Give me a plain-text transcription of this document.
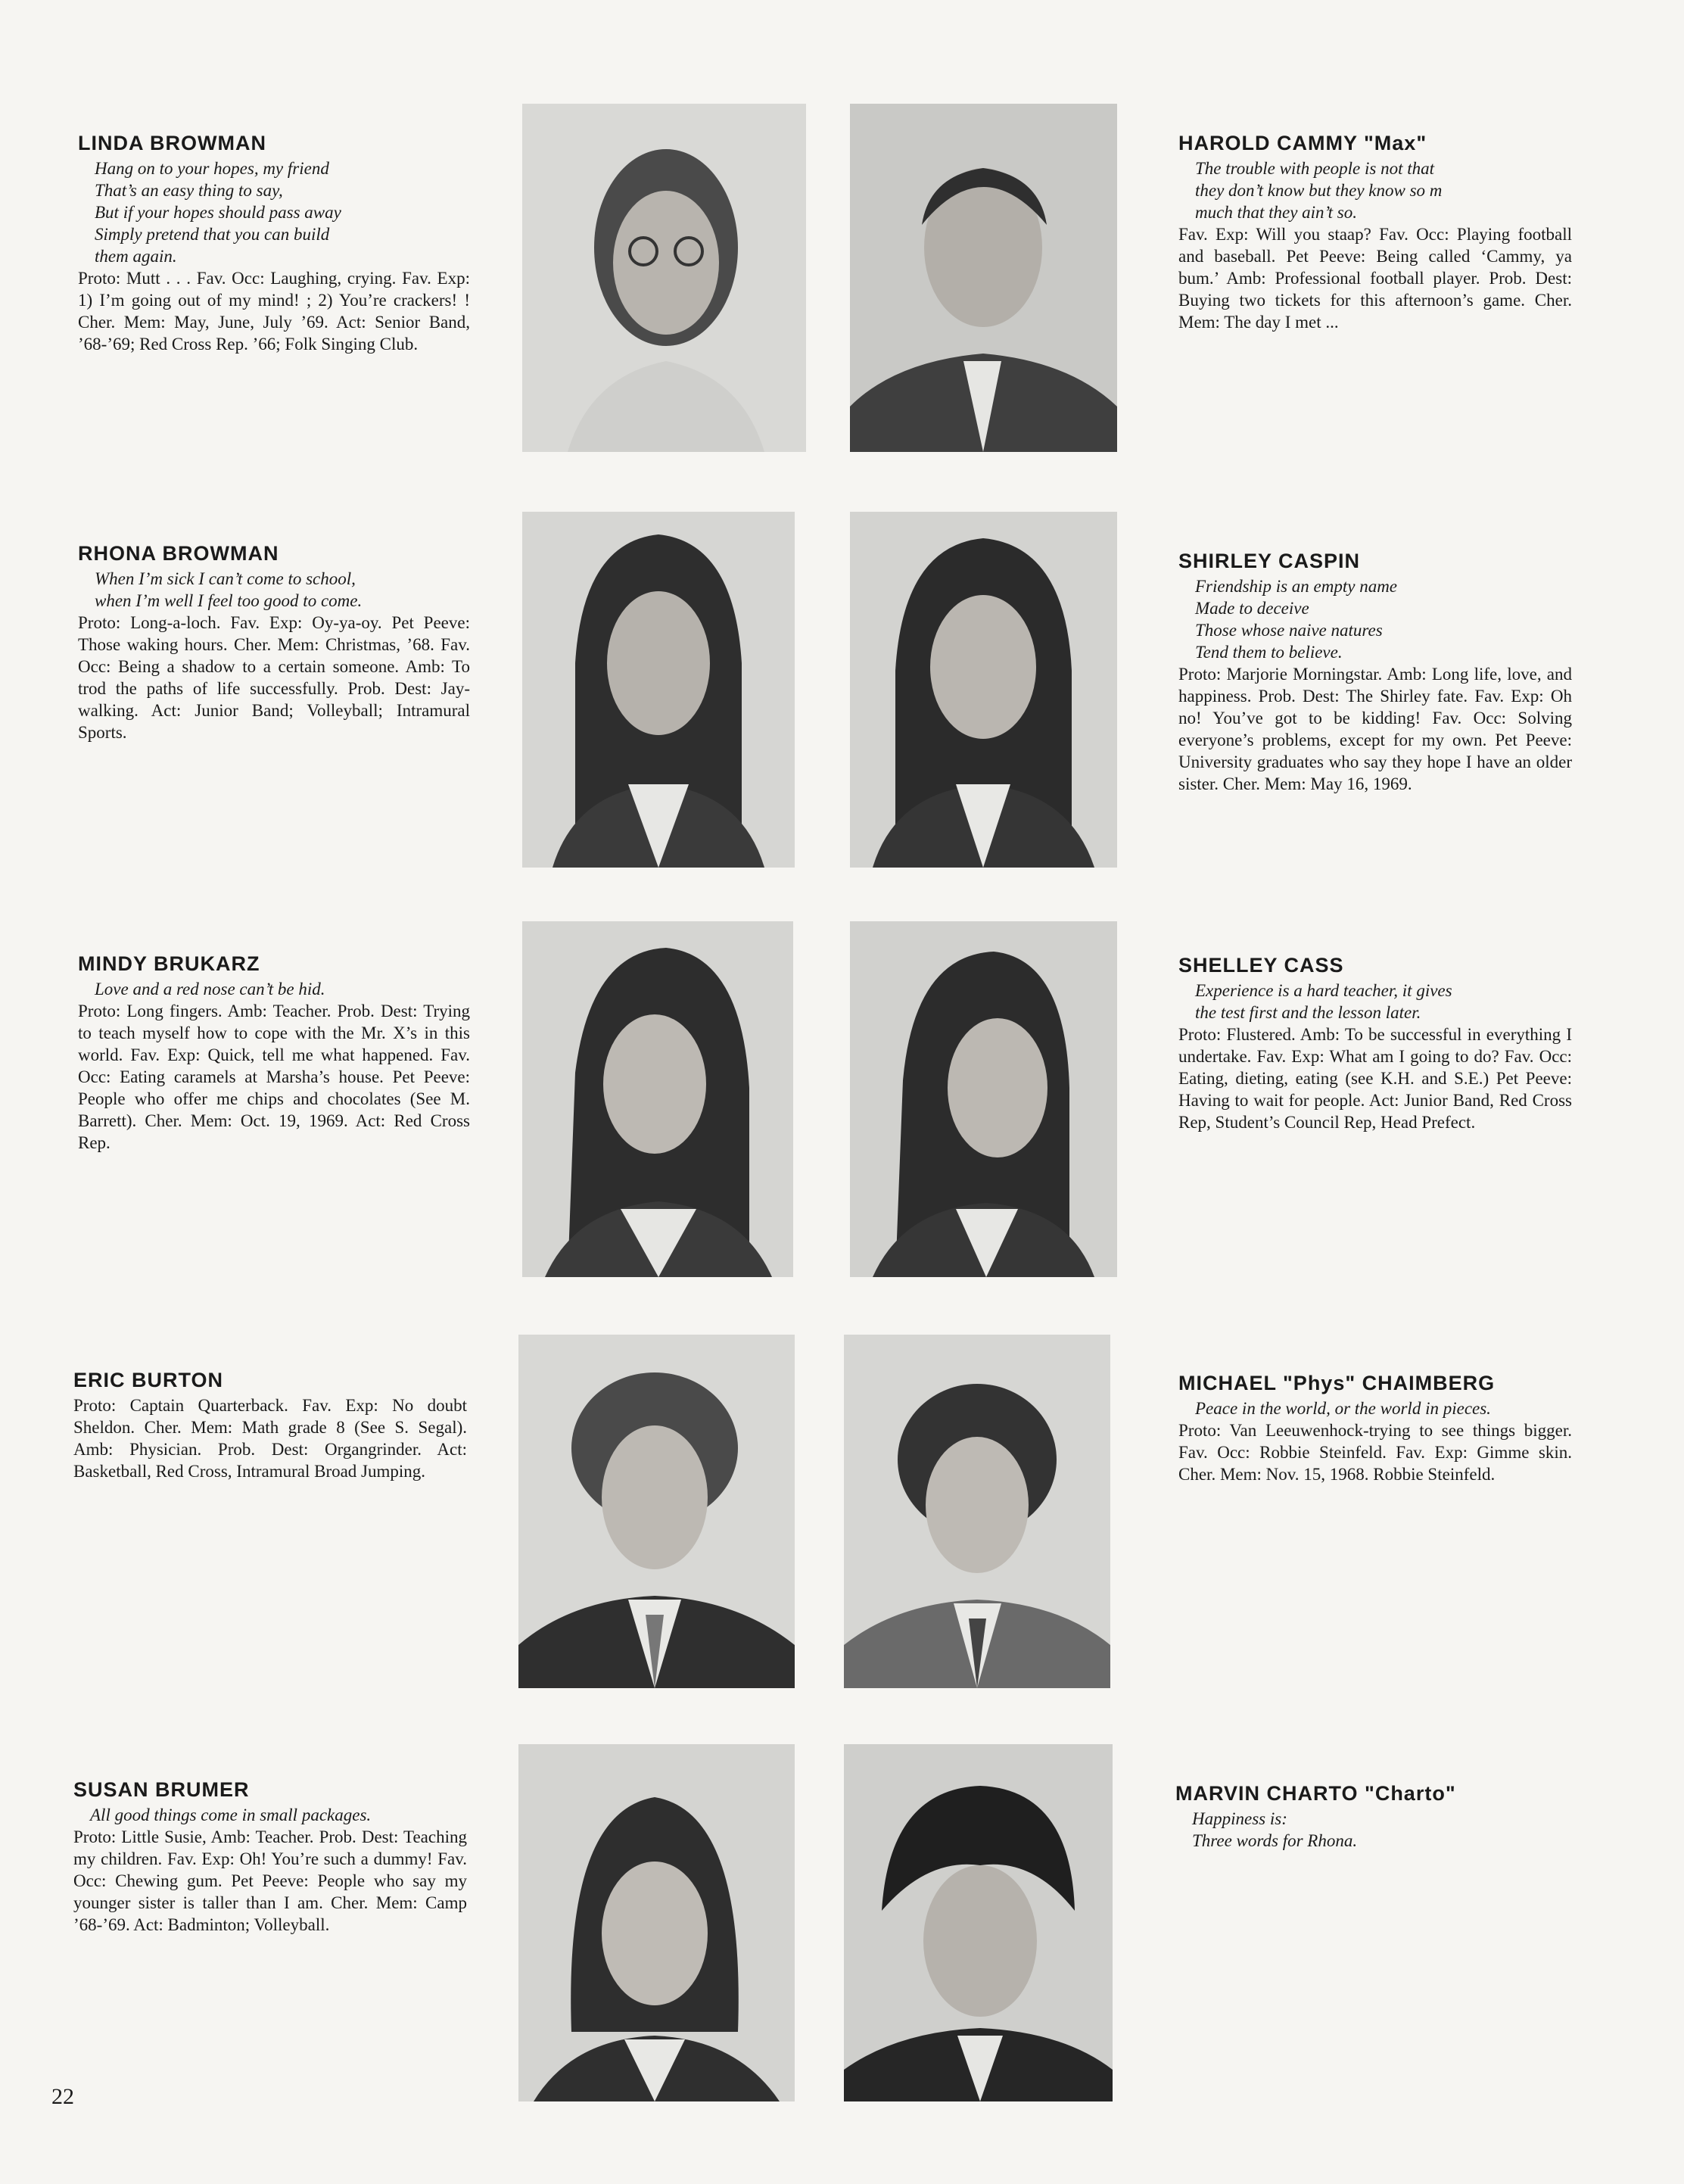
LINDA BROWMAN

Hang on to your hopes, my friend
That’s an easy thing to say,
But if your hopes should pass away
Simply pretend that you can build
them again.

Proto: Mutt . . . Fav. Occ: Laughing, crying. Fav. Exp: 1) I’m going out of my mind! ; 2) You’re crackers! ! Cher. Mem: May, June, July ’69. Act: Senior Band, ’68-’69; Red Cross Rep. ’66; Folk Singing Club.

HAROLD CAMMY "Max"

The trouble with people is not that
they don’t know but they know so m
much that they ain’t so.

Fav. Exp: Will you staap? Fav. Occ: Playing football and baseball. Pet Peeve: Being called ‘Cammy, ya bum.’ Amb: Professional football player. Prob. Dest: Buying two tickets for this afternoon’s game. Cher. Mem: The day I met ...

RHONA BROWMAN

When I’m sick I can’t come to school,
when I’m well I feel too good to come.

Proto: Long-a-loch. Fav. Exp: Oy-ya-oy. Pet Peeve: Those waking hours. Cher. Mem: Christmas, ’68. Fav. Occ: Being a shadow to a certain someone. Amb: To trod the paths of life successfully. Prob. Dest: Jay-walking. Act: Junior Band; Volleyball; Intramural Sports.

SHIRLEY CASPIN

Friendship is an empty name
Made to deceive
Those whose naive natures
Tend them to believe.

Proto: Marjorie Morningstar. Amb: Long life, love, and happiness. Prob. Dest: The Shirley fate. Fav. Exp: Oh no! You’ve got to be kidding! Fav. Occ: Solving everyone’s problems, except for my own. Pet Peeve: University graduates who say they hope I have an older sister. Cher. Mem: May 16, 1969.

MINDY BRUKARZ

Love and a red nose can’t be hid.

Proto: Long fingers. Amb: Teacher. Prob. Dest: Trying to teach myself how to cope with the Mr. X’s in this world. Fav. Exp: Quick, tell me what happened. Fav. Occ: Eating caramels at Marsha’s house. Pet Peeve: People who offer me chips and chocolates (See M. Barrett). Cher. Mem: Oct. 19, 1969. Act: Red Cross Rep.

SHELLEY CASS

Experience is a hard teacher, it gives
the test first and the lesson later.

Proto: Flustered. Amb: To be successful in everything I undertake. Fav. Exp: What am I going to do? Fav. Occ: Eating, dieting, eating (see K.H. and S.E.) Pet Peeve: Having to wait for people. Act: Junior Band, Red Cross Rep, Student’s Council Rep, Head Prefect.

ERIC BURTON

Proto: Captain Quarterback. Fav. Exp: No doubt Sheldon. Cher. Mem: Math grade 8 (See S. Segal). Amb: Physician. Prob. Dest: Organgrinder. Act: Basketball, Red Cross, Intramural Broad Jumping.

MICHAEL "Phys" CHAIMBERG

Peace in the world, or the world in pieces.

Proto: Van Leeuwenhock-trying to see things bigger. Fav. Occ: Robbie Steinfeld. Fav. Exp: Gimme skin. Cher. Mem: Nov. 15, 1968. Robbie Steinfeld.

SUSAN BRUMER

All good things come in small packages.

Proto: Little Susie, Amb: Teacher. Prob. Dest: Teaching my children. Fav. Exp: Oh! You’re such a dummy! Fav. Occ: Chewing gum. Pet Peeve: People who say my younger sister is taller than I am. Cher. Mem: Camp ’68-’69. Act: Badminton; Volleyball.

MARVIN CHARTO "Charto"

Happiness is:
Three words for Rhona.

22
